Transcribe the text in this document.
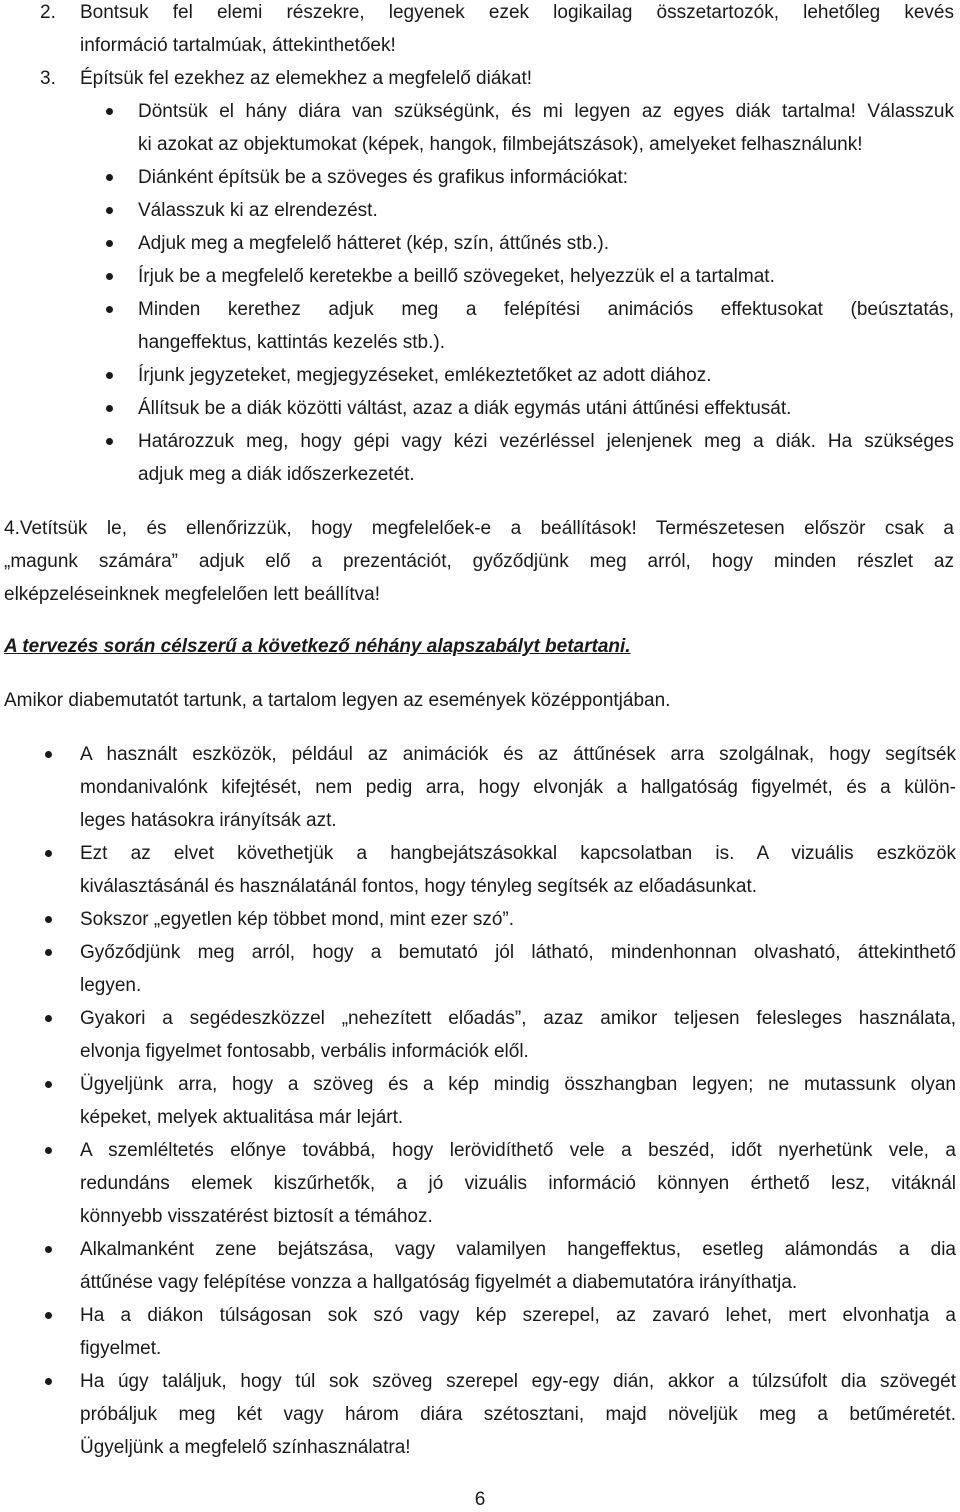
2. Bontsuk fel elemi részekre, legyenek ezek logikailag összetartozók, lehetőleg kevés
információ tartalmúak, áttekinthetőek!
3. Építsük fel ezekhez az elemekhez a megfelelő diákat!
Döntsük el hány diára van szükségünk, és mi legyen az egyes diák tartalma! Válasszuk
ki azokat az objektumokat (képek, hangok, filmbejátszások), amelyeket felhasználunk!
Diánként építsük be a szöveges és grafikus információkat:
Válasszuk ki az elrendezést.
Adjuk meg a megfelelő hátteret (kép, szín, áttűnés stb.).
Írjuk be a megfelelő keretekbe a beillő szövegeket, helyezzük el a tartalmat.
Minden kerethez adjuk meg a felépítési animációs effektusokat (beúsztatás,
hangeffektus, kattintás kezelés stb.).
Írjunk jegyzeteket, megjegyzéseket, emlékeztetőket az adott diához.
Állítsuk be a diák közötti váltást, azaz a diák egymás utáni áttűnési effektusát.
Határozzuk meg, hogy gépi vagy kézi vezérléssel jelenjenek meg a diák. Ha szükséges
adjuk meg a diák időszerkezetét.
4.Vetítsük le, és ellenőrizzük, hogy megfelelőek-e a beállítások! Természetesen először csak a
„magunk számára” adjuk elő a prezentációt, győződjünk meg arról, hogy minden részlet az
elképzeléseinknek megfelelően lett beállítva!
A tervezés során célszerű a következő néhány alapszabályt betartani.
Amikor diabemutatót tartunk, a tartalom legyen az események középpontjában.
A használt eszközök, például az animációk és az áttűnések arra szolgálnak, hogy segítsék
mondanivalónk kifejtését, nem pedig arra, hogy elvonják a hallgatóság figyelmét, és a külön-
leges hatásokra irányítsák azt.
Ezt az elvet követhetjük a hangbejátszásokkal kapcsolatban is. A vizuális eszközök
kiválasztásánál és használatánál fontos, hogy tényleg segítsék az előadásunkat.
Sokszor „egyetlen kép többet mond, mint ezer szó”.
Győződjünk meg arról, hogy a bemutató jól látható, mindenhonnan olvasható, áttekinthető
legyen.
Gyakori a segédeszközzel „nehezített előadás”, azaz amikor teljesen felesleges használata,
elvonja figyelmet fontosabb, verbális információk elől.
Ügyeljünk arra, hogy a szöveg és a kép mindig összhangban legyen; ne mutassunk olyan
képeket, melyek aktualitása már lejárt.
A szemléltetés előnye továbbá, hogy lerövidíthető vele a beszéd, időt nyerhetünk vele, a
redundáns elemek kiszűrhetők, a jó vizuális információ könnyen érthető lesz, vitáknál
könnyebb visszatérést biztosít a témához.
Alkalmanként zene bejátszása, vagy valamilyen hangeffektus, esetleg alámondás a dia
áttűnése vagy felépítése vonzza a hallgatóság figyelmét a diabemutatóra irányíthatja.
Ha a diákon túlságosan sok szó vagy kép szerepel, az zavaró lehet, mert elvonhatja a
figyelmet.
Ha úgy találjuk, hogy túl sok szöveg szerepel egy-egy dián, akkor a túlzsúfolt dia szövegét
próbáljuk meg két vagy három diára szétosztani, majd növeljük meg a betűméretét.
Ügyeljünk a megfelelő színhasználatra!
6
